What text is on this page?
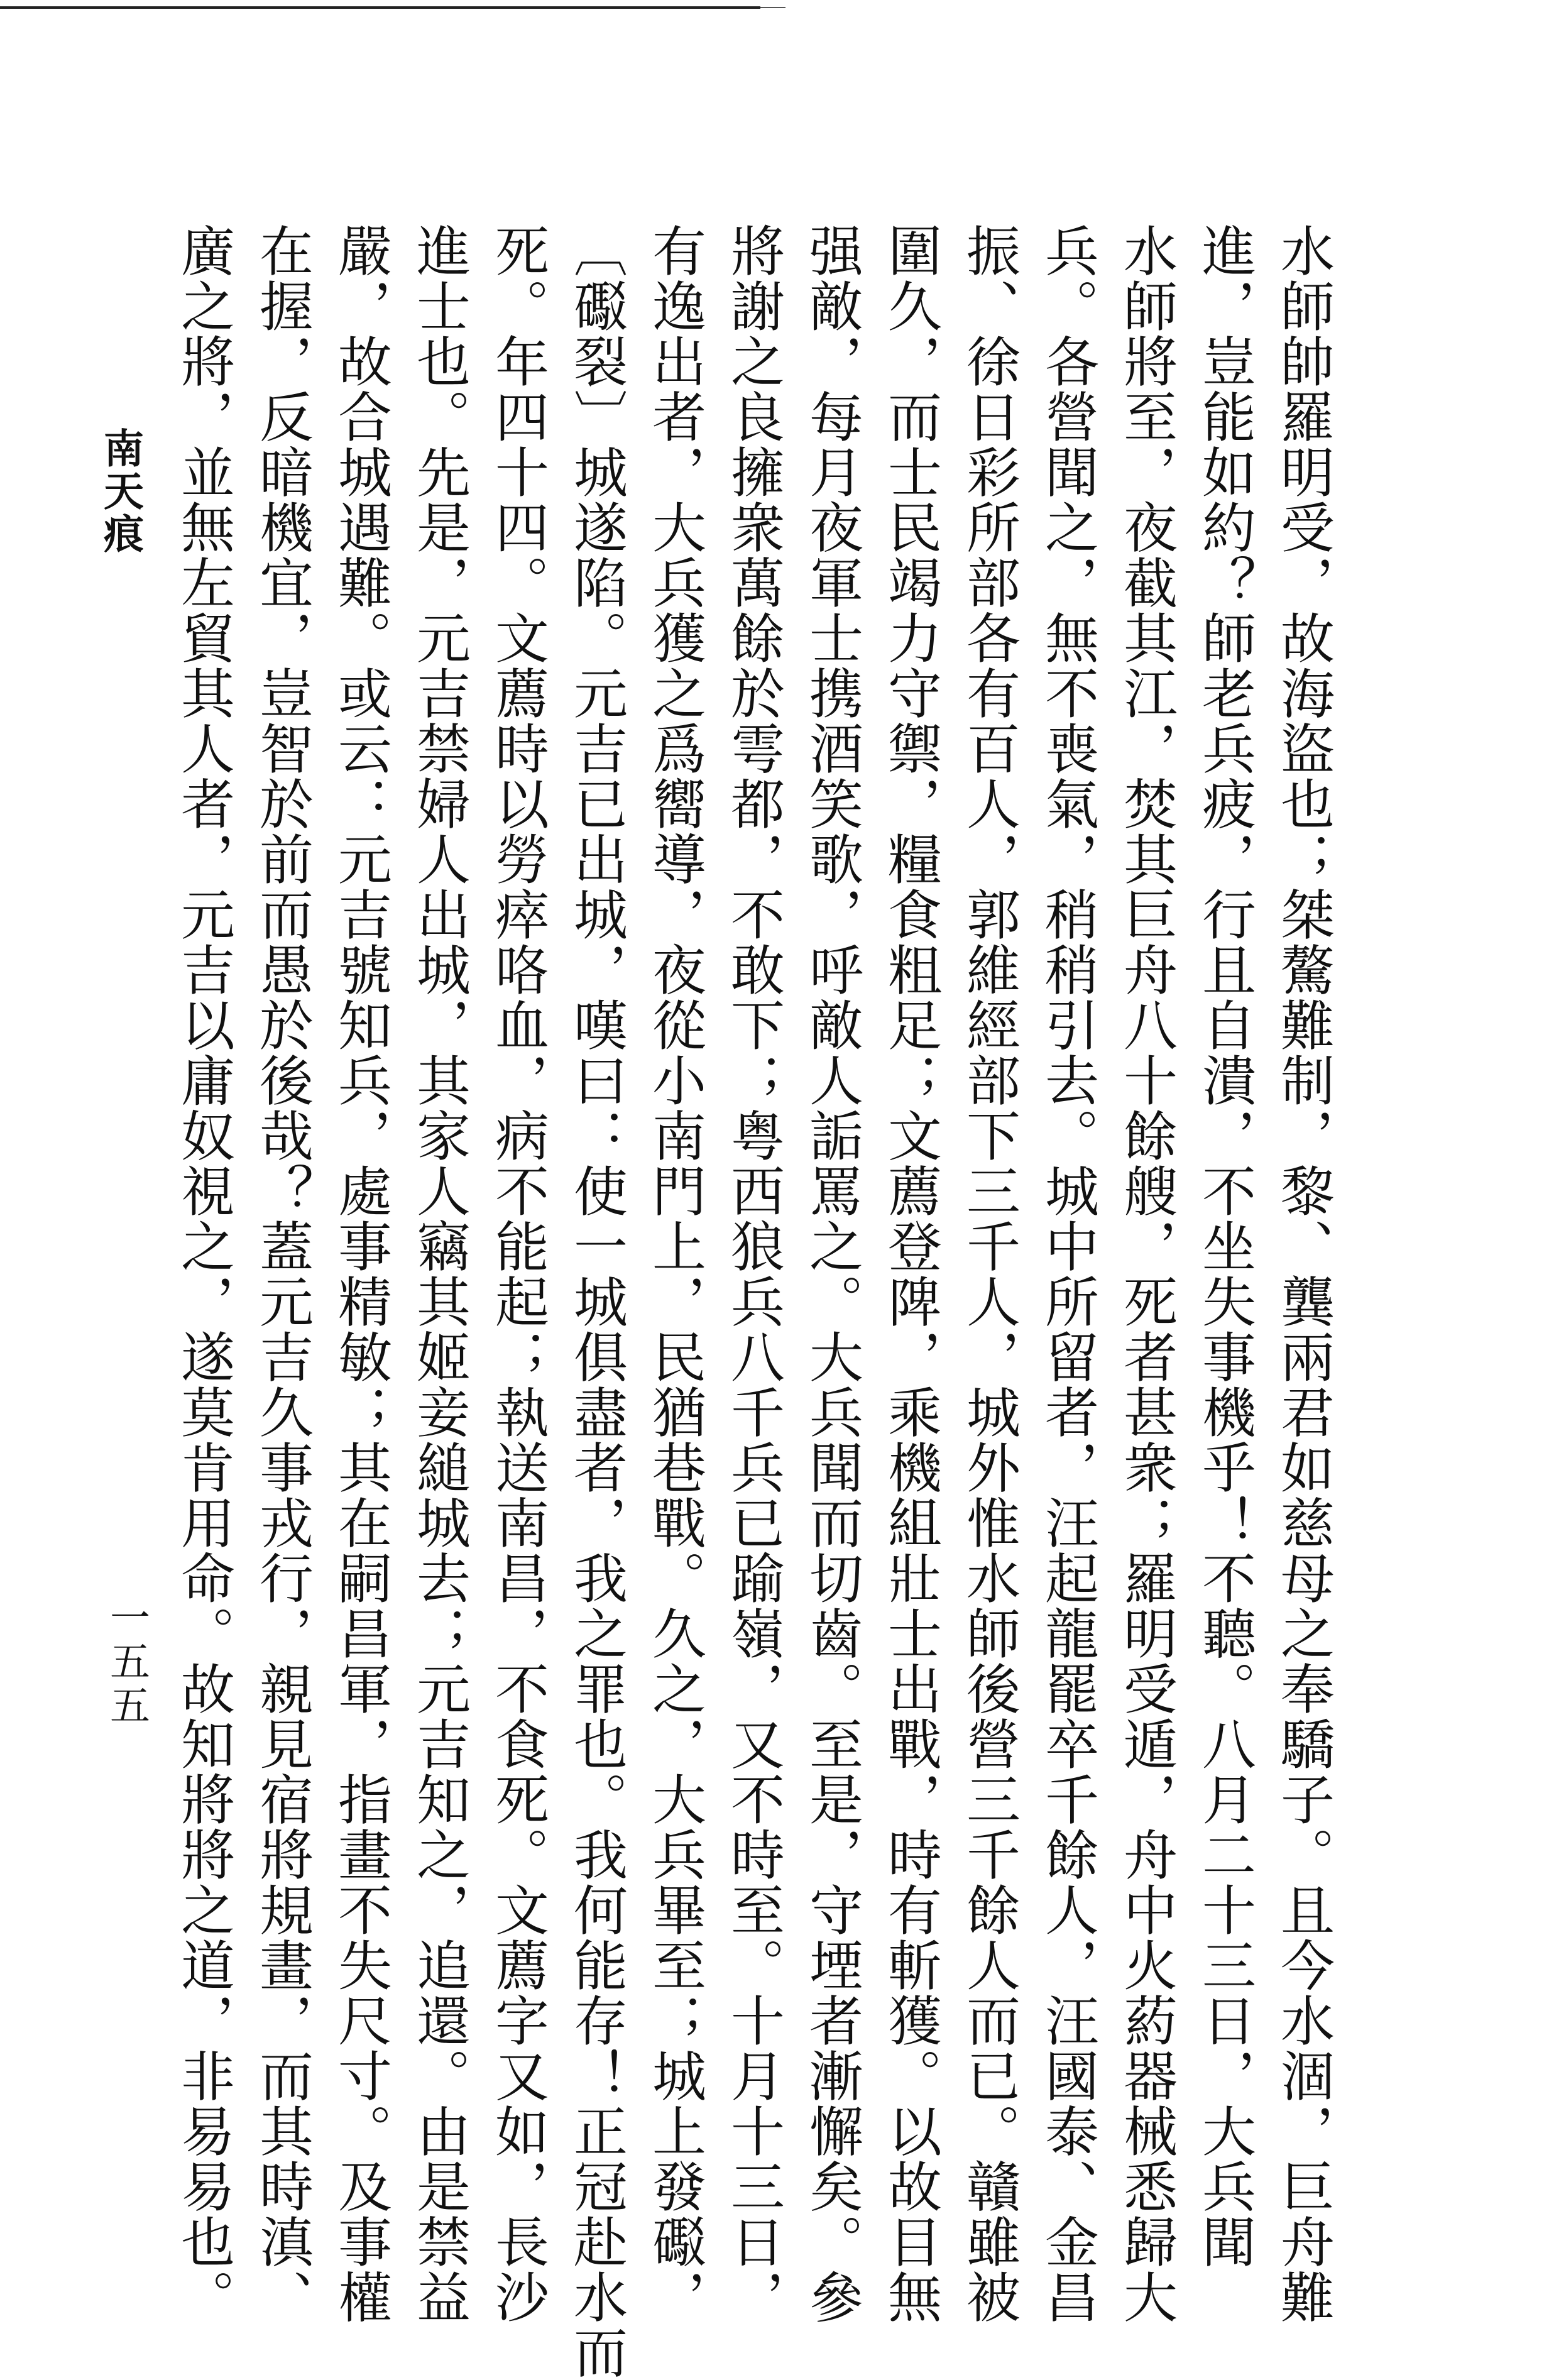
水師帥羅明受，故海盜也；桀驁難制，黎、龔兩君如慈母之奉驕子。且今水涸，巨舟難
進，豈能如約？師老兵疲，行且自潰，不坐失事機乎！不聽。八月二十三日，大兵聞
水師將至，夜截其江，焚其巨舟八十餘艘，死者甚衆；羅明受遁，舟中火葯器械悉歸大
兵。各營聞之，無不喪氣，稍稍引去。城中所留者，汪起龍罷卒千餘人，汪國泰、金昌
振、徐日彩所部各有百人，郭維經部下三千人，城外惟水師後營三千餘人而已。贛雖被
圍久，而士民竭力守禦，糧食粗足；文薦登陴，乘機組壯士出戰，時有斬獲。以故目無
强敵，每月夜軍士携酒笑歌，呼敵人詬罵之。大兵聞而切齒。至是，守堙者漸懈矣。參
將謝之良擁衆萬餘於雩都，不敢下；粤西狼兵八千兵已踰嶺，又不時至。十月十三日，
有逸出者，大兵獲之爲嚮導，夜從小南門上，民猶巷戰。久之，大兵畢至；城上發礟，
〔礟裂〕城遂陷。元吉已出城，嘆曰：使一城俱盡者，我之罪也。我何能存！正冠赴水而
死。年四十四。文薦時以勞瘁咯血，病不能起；執送南昌，不食死。文薦字又如，長沙
進士也。先是，元吉禁婦人出城，其家人竊其姬妾縋城去；元吉知之，追還。由是禁益
嚴，故合城遇難。或云：元吉號知兵，處事精敏；其在嗣昌軍，指畫不失尺寸。及事權
在握，反暗機宜，豈智於前而愚於後哉？蓋元吉久事戎行，親見宿將規畫，而其時滇、
廣之將，並無左貿其人者，元吉以庸奴視之，遂莫肯用命。故知將將之道，非易易也。
南天痕
一五五
